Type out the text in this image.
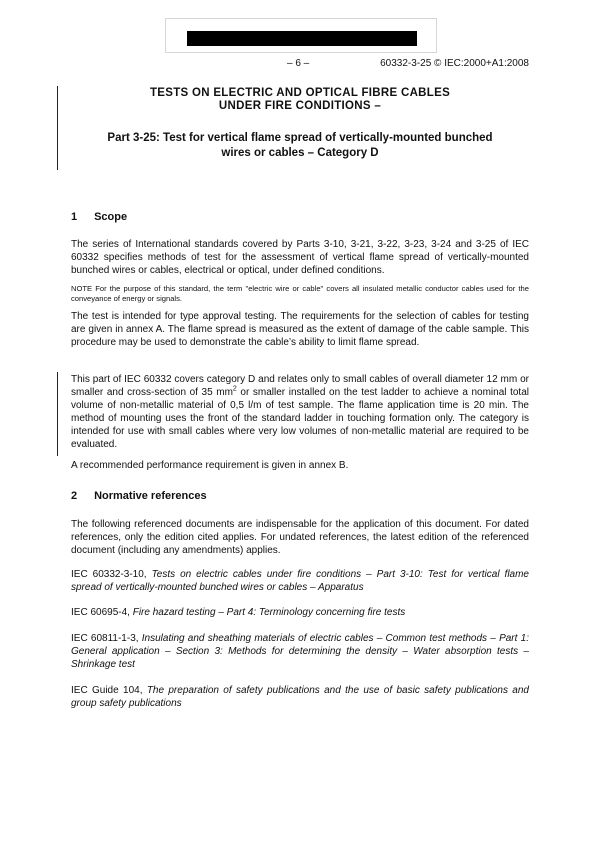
– 6 –	60332-3-25 © IEC:2000+A1:2008
TESTS ON ELECTRIC AND OPTICAL FIBRE CABLES
UNDER FIRE CONDITIONS –
Part 3-25: Test for vertical flame spread of vertically-mounted bunched
wires or cables – Category D
1 Scope

The series of International standards covered by Parts 3-10, 3-21, 3-22, 3-23, 3-24 and 3-25 of IEC 60332 specifies methods of test for the assessment of vertical flame spread of vertically-mounted bunched wires or cables, electrical or optical, under defined conditions.

NOTE For the purpose of this standard, the term "electric wire or cable" covers all insulated metallic conductor cables used for the conveyance of energy or signals.

The test is intended for type approval testing. The requirements for the selection of cables for testing are given in annex A. The flame spread is measured as the extent of damage of the cable sample. This procedure may be used to demonstrate the cable’s ability to limit flame spread.

This part of IEC 60332 covers category D and relates only to small cables of overall diameter 12 mm or smaller and cross-section of 35 $mm^2$ or smaller installed on the test ladder to achieve a nominal total volume of non-metallic material of 0,5 l/m of test sample. The flame application time is 20 min. The method of mounting uses the front of the standard ladder in touching formation only. The category is intended for use with small cables where very low volumes of non-metallic material are required to be evaluated.

A recommended performance requirement is given in annex B.

2 Normative references

The following referenced documents are indispensable for the application of this document. For dated references, only the edition cited applies. For undated references, the latest edition of the referenced document (including any amendments) applies.

IEC 60332-3-10, Tests on electric cables under fire conditions – Part 3-10: Test for vertical flame spread of vertically-mounted bunched wires or cables – Apparatus

IEC 60695-4, Fire hazard testing – Part 4: Terminology concerning fire tests

IEC 60811-1-3, Insulating and sheathing materials of electric cables – Common test methods – Part 1: General application – Section 3: Methods for determining the density – Water absorption tests – Shrinkage test

IEC Guide 104, The preparation of safety publications and the use of basic safety publications and group safety publications
